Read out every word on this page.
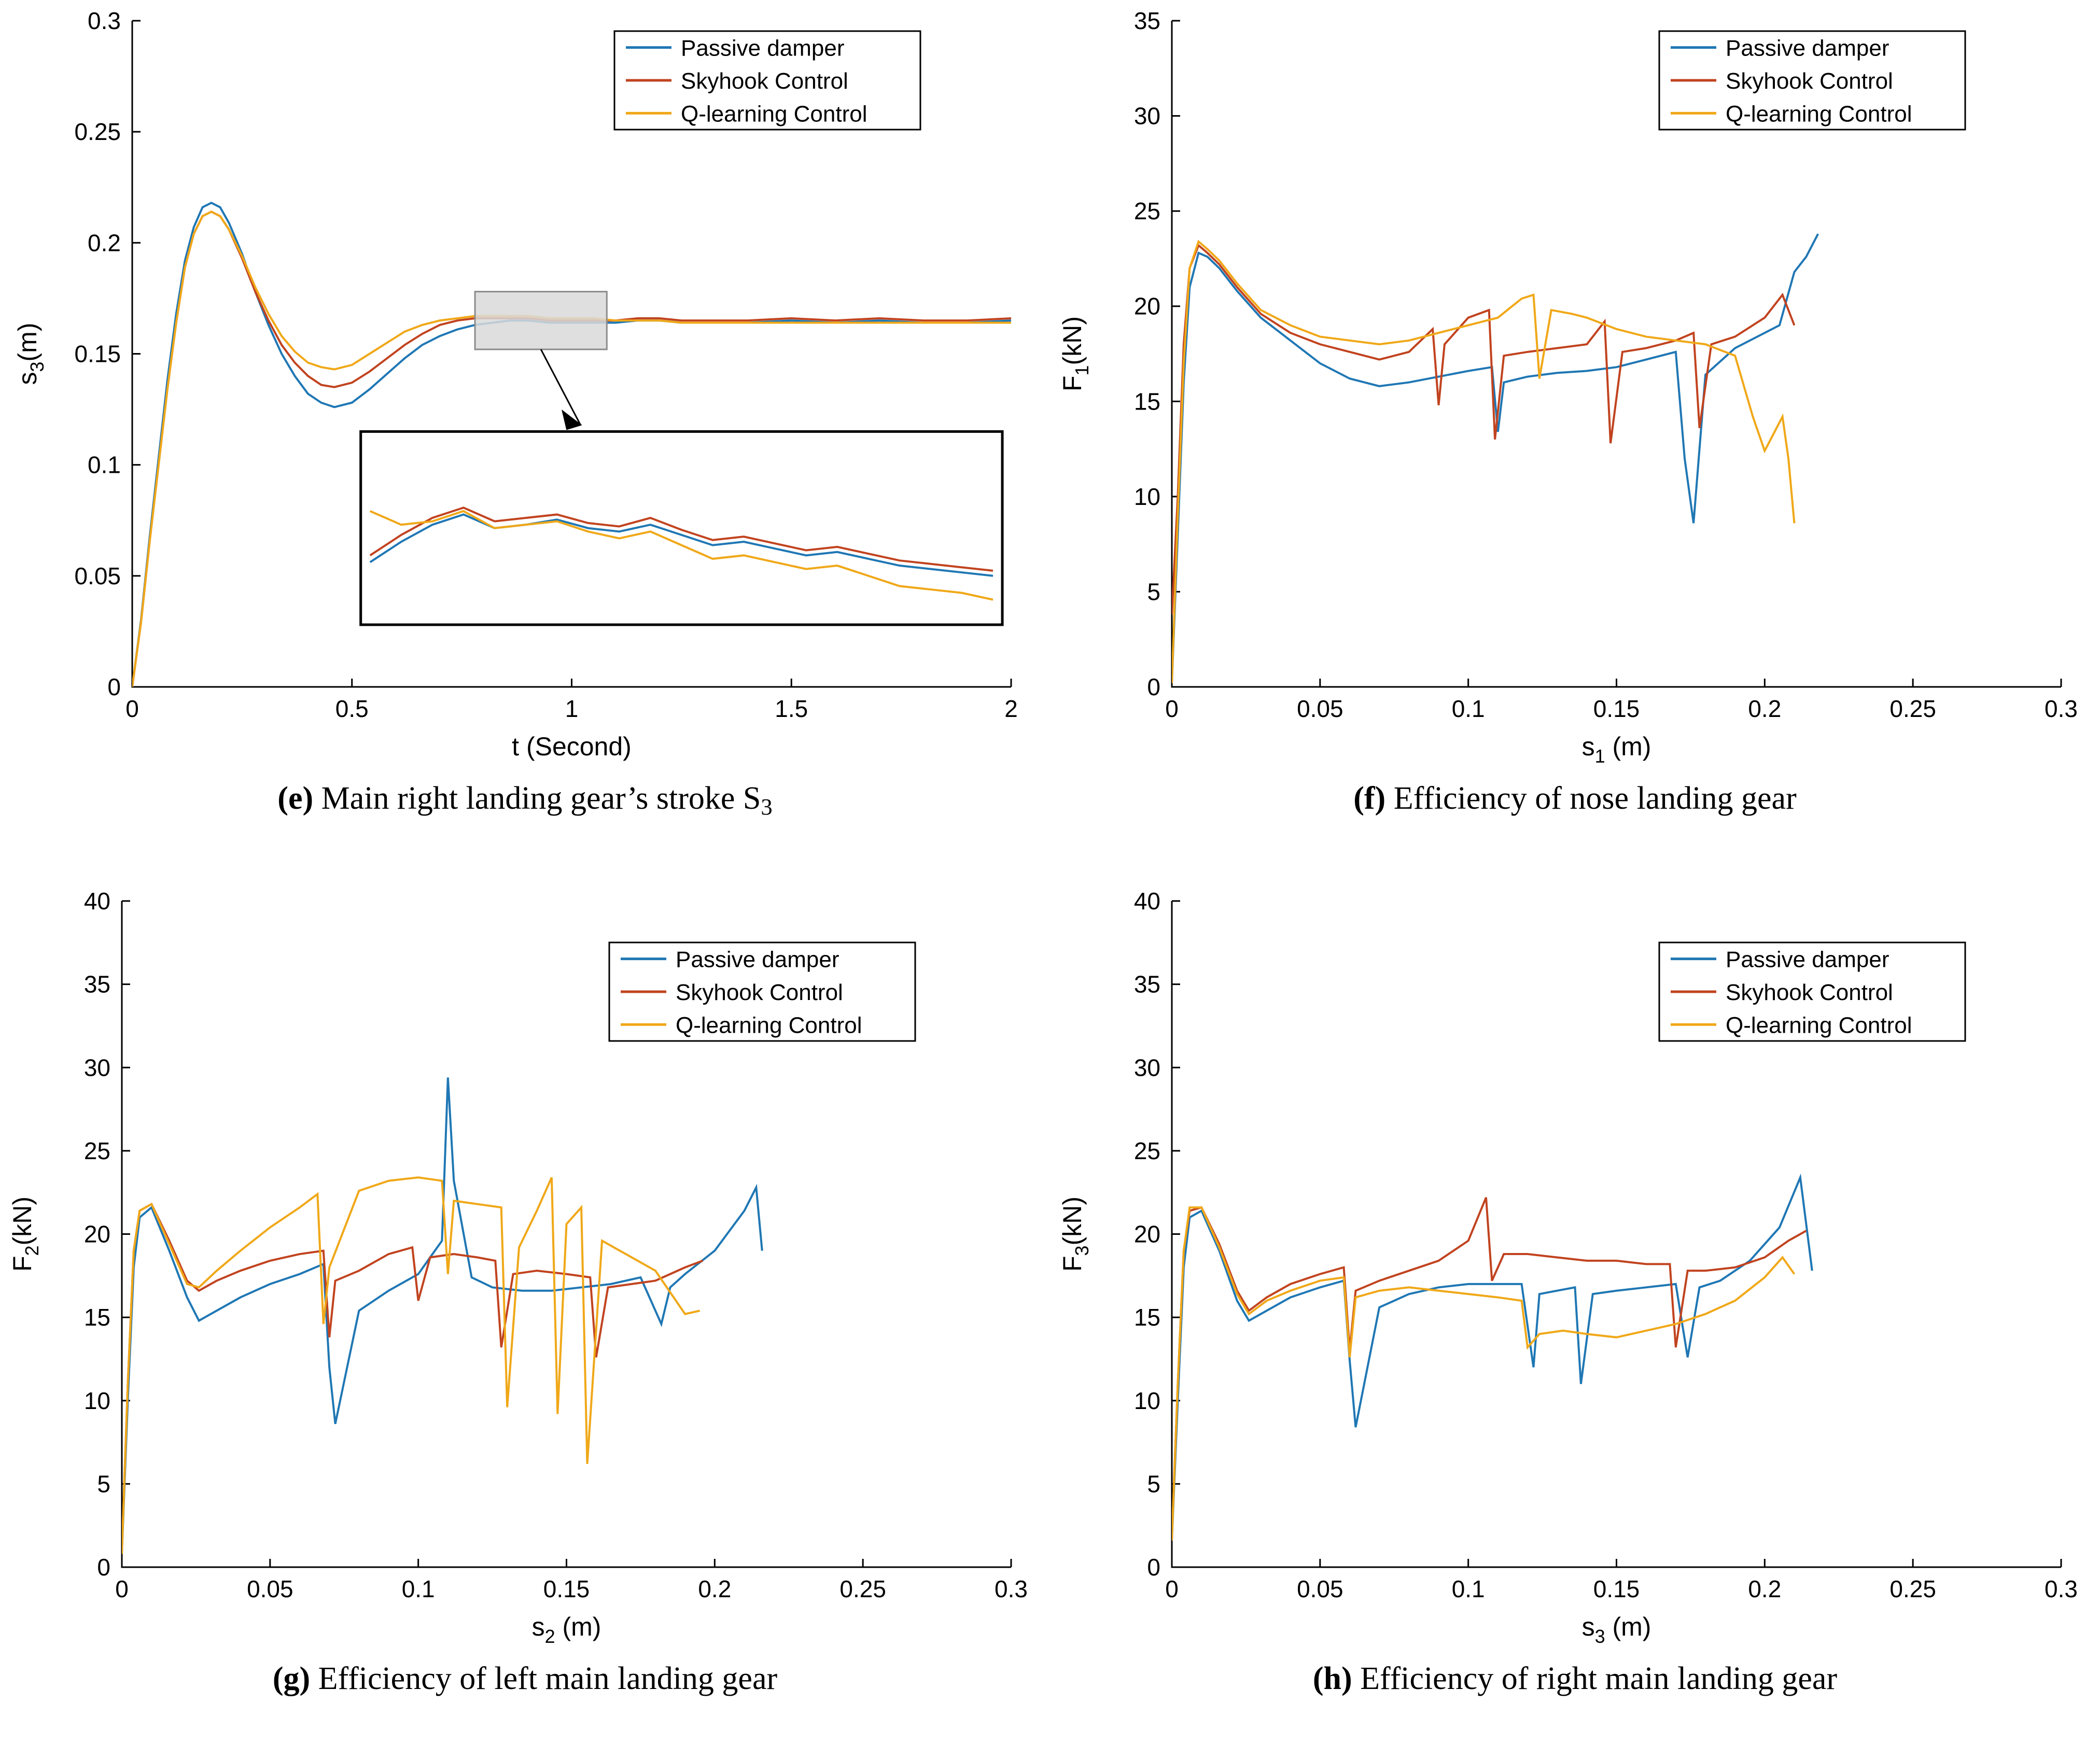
0	0.5	1	1.5	2
0
0.05
0.1
0.15
0.2
0.25
0.3
t (Second)
$s_3(m)$
Passive damper
Skyhook Control
Q-learning Control
(e) Main right landing gear’s stroke $S_3$
0	0.05	0.1	0.15	0.2	0.25	0.3
0
5
10
15
20
25
30
35
$s_1$ (m)
$F_1(kN)$
Passive damper
Skyhook Control
Q-learning Control
(f) Efficiency of nose landing gear
0	0.05	0.1	0.15	0.2	0.25	0.3
0
5
10
15
20
25
30
35
40
$s_2$ (m)
$F_2(kN)$
Passive damper
Skyhook Control
Q-learning Control
(g) Efficiency of left main landing gear
0	0.05	0.1	0.15	0.2	0.25	0.3
0
5
10
15
20
25
30
35
40
$s_3$ (m)
$F_3(kN)$
Passive damper
Skyhook Control
Q-learning Control
(h) Efficiency of right main landing gear
